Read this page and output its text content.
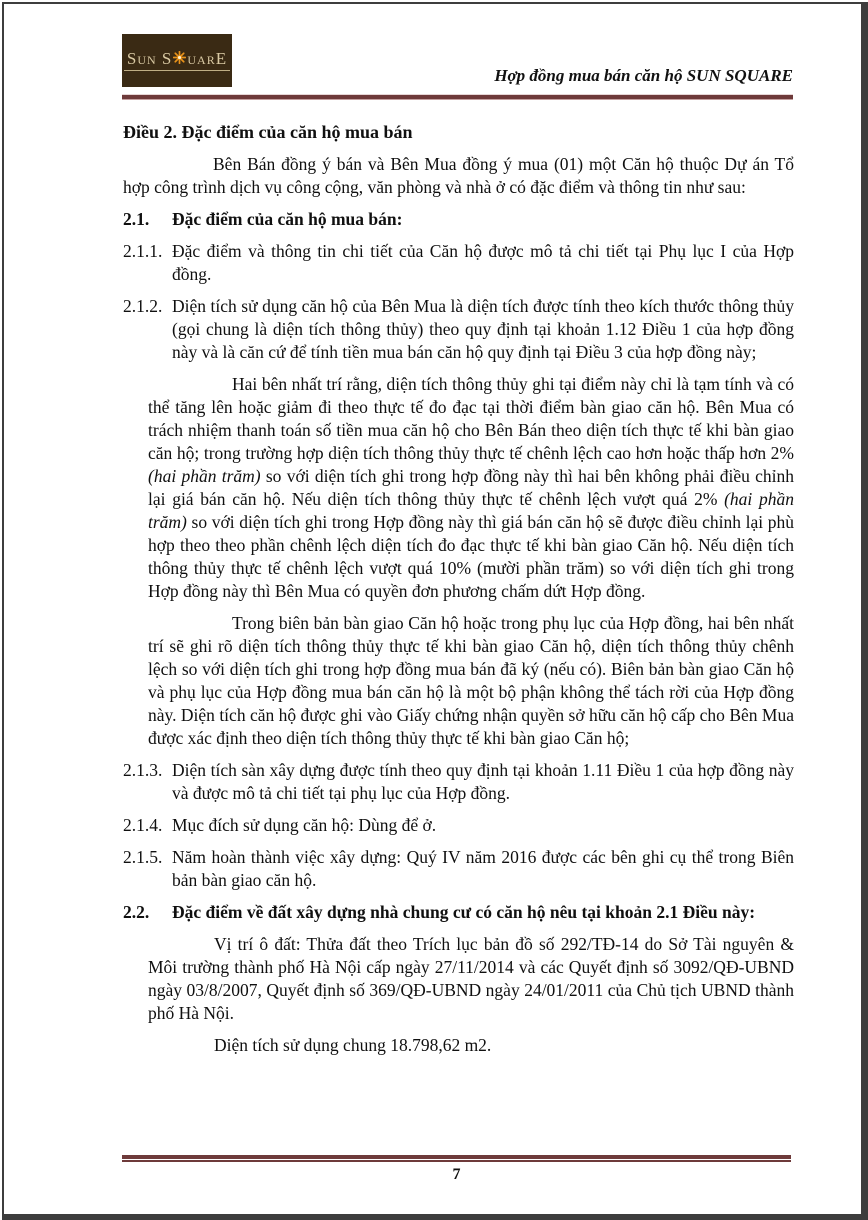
Sun S uarE
Hợp đồng mua bán căn hộ SUN SQUARE
Điều 2. Đặc điểm của căn hộ mua bán

Bên Bán đồng ý bán và Bên Mua đồng ý mua (01) một Căn hộ thuộc Dự án Tổ hợp công trình dịch vụ công cộng, văn phòng và nhà ở có đặc điểm và thông tin như sau:

2.1.	Đặc điểm của căn hộ mua bán:

2.1.1. Đặc điểm và thông tin chi tiết của Căn hộ được mô tả chi tiết tại Phụ lục I của Hợp đồng.

2.1.2. Diện tích sử dụng căn hộ của Bên Mua là diện tích được tính theo kích thước thông thủy (gọi chung là diện tích thông thủy) theo quy định tại khoản 1.12 Điều 1 của hợp đồng này và là căn cứ để tính tiền mua bán căn hộ quy định tại Điều 3 của hợp đồng này;

Hai bên nhất trí rằng, diện tích thông thủy ghi tại điểm này chỉ là tạm tính và có thể tăng lên hoặc giảm đi theo thực tế đo đạc tại thời điểm bàn giao căn hộ. Bên Mua có trách nhiệm thanh toán số tiền mua căn hộ cho Bên Bán theo diện tích thực tế khi bàn giao căn hộ; trong trường hợp diện tích thông thủy thực tế chênh lệch cao hơn hoặc thấp hơn 2% (hai phần trăm) so với diện tích ghi trong hợp đồng này thì hai bên không phải điều chỉnh lại giá bán căn hộ. Nếu diện tích thông thủy thực tế chênh lệch vượt quá 2% (hai phần trăm) so với diện tích ghi trong Hợp đồng này thì giá bán căn hộ sẽ được điều chỉnh lại phù hợp theo theo phần chênh lệch diện tích đo đạc thực tế khi bàn giao Căn hộ. Nếu diện tích thông thủy thực tế chênh lệch vượt quá 10% (mười phần trăm) so với diện tích ghi trong Hợp đồng này thì Bên Mua có quyền đơn phương chấm dứt Hợp đồng.

Trong biên bản bàn giao Căn hộ hoặc trong phụ lục của Hợp đồng, hai bên nhất trí sẽ ghi rõ diện tích thông thủy thực tế khi bàn giao Căn hộ, diện tích thông thủy chênh lệch so với diện tích ghi trong hợp đồng mua bán đã ký (nếu có). Biên bản bàn giao Căn hộ và phụ lục của Hợp đồng mua bán căn hộ là một bộ phận không thể tách rời của Hợp đồng này. Diện tích căn hộ được ghi vào Giấy chứng nhận quyền sở hữu căn hộ cấp cho Bên Mua được xác định theo diện tích thông thủy thực tế khi bàn giao Căn hộ;

2.1.3. Diện tích sàn xây dựng được tính theo quy định tại khoản 1.11 Điều 1 của hợp đồng này và được mô tả chi tiết tại phụ lục của Hợp đồng.

2.1.4. Mục đích sử dụng căn hộ: Dùng để ở.

2.1.5. Năm hoàn thành việc xây dựng: Quý IV năm 2016 được các bên ghi cụ thể trong Biên bản bàn giao căn hộ.

2.2.	Đặc điểm về đất xây dựng nhà chung cư có căn hộ nêu tại khoản 2.1 Điều này:

Vị trí ô đất: Thửa đất theo Trích lục bản đồ số 292/TĐ-14 do Sở Tài nguyên & Môi trường thành phố Hà Nội cấp ngày 27/11/2014 và các Quyết định số 3092/QĐ-UBND ngày 03/8/2007, Quyết định số 369/QĐ-UBND ngày 24/01/2011 của Chủ tịch UBND thành phố Hà Nội.

Diện tích sử dụng chung 18.798,62 m2.

7
